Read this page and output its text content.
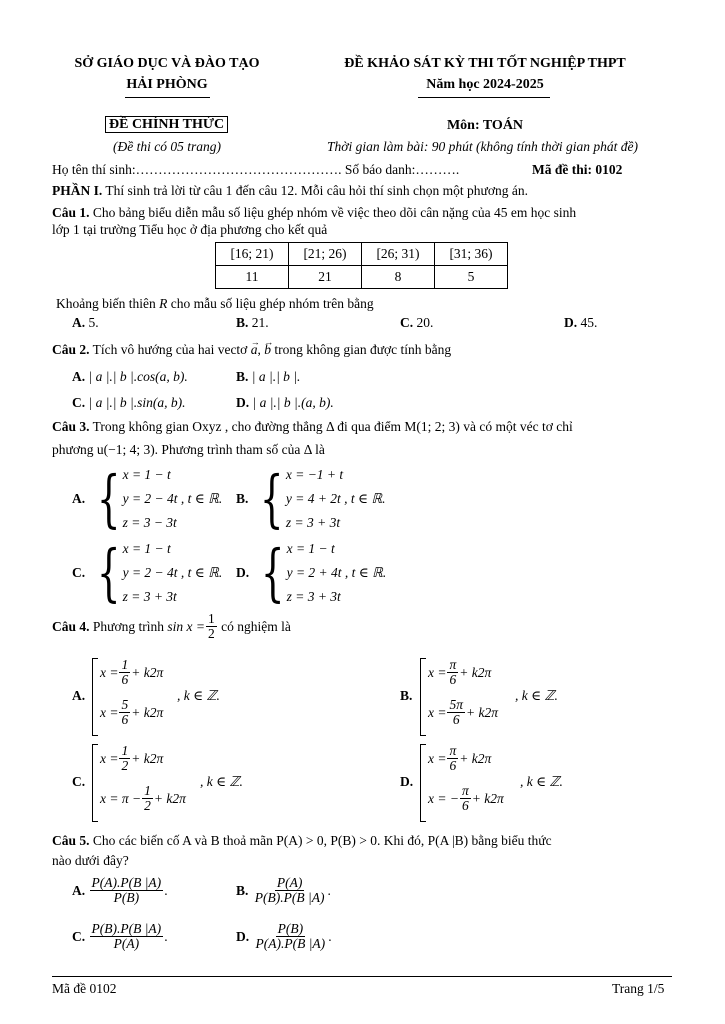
SỞ GIÁO DỤC VÀ ĐÀO TẠO
HẢI PHÒNG
ĐỀ KHẢO SÁT KỲ THI TỐT NGHIỆP THPT
Năm học 2024-2025
ĐỀ CHÍNH THỨC
(Đề thi có 05 trang)
Môn: TOÁN
Thời gian làm bài: 90 phút (không tính thời gian phát đề)
Họ tên thí sinh:………………………………………. Số báo danh:……….	Mã đề thi: 0102
PHẦN I. Thí sinh trả lời từ câu 1 đến câu 12. Mỗi câu hỏi thí sinh chọn một phương án.
Câu 1. Cho bảng biểu diễn mẫu số liệu ghép nhóm về việc theo dõi cân nặng của 45 em học sinh
lớp 1 tại trường Tiểu học ở địa phương cho kết quả
[16; 21)	[21; 26)	[26; 31)	[31; 36)
11	21	8	5
Khoảng biến thiên R cho mẫu số liệu ghép nhóm trên bằng
A. 5.	B. 21.	C. 20.	D. 45.
Câu 2. Tích vô hướng của hai vectơ → a, → b trong không gian được tính bằng
A. | a |.| b |.cos(a, b).	B. | a |.| b |.
C. | a |.| b |.sin(a, b).	D. | a |.| b |.(a, b).
Câu 3. Trong không gian Oxyz , cho đường thẳng Δ đi qua điểm M(1; 2; 3) và có một véc tơ chỉ
phương u(−1; 4; 3). Phương trình tham số của Δ là
A. { x = 1 − t
y = 2 − 4t , t ∈ ℝ.
z = 3 − 3t
B. { x = −1 + t
y = 4 + 2t , t ∈ ℝ.
z = 3 + 3t
C. { x = 1 − t
y = 2 − 4t , t ∈ ℝ.
z = 3 + 3t
D. { x = 1 − t
y = 2 + 4t , t ∈ ℝ.
z = 3 + 3t
Câu 4.
Phương trình
$\sin x = \frac{1}{2}$
có nghiệm là
A.
$x = \frac{1}{6} + k2\pi$
$x = \frac{5}{6} + k2\pi$
, k ∈ ℤ.	B.
$x = \frac{\pi}{6} + k2\pi$
$x = \frac{5\pi}{6} + k2\pi$
, k ∈ ℤ.
C.
$x = \frac{1}{2} + k2\pi$
$x = \pi - \frac{1}{2} + k2\pi$
, k ∈ ℤ.	D.
$x = \frac{\pi}{6} + k2\pi$
x = − $\frac{\pi}{6} + k2\pi$
, k ∈ ℤ.
Câu 5. Cho các biến cố A và B thoả mãn P(A) > 0, P(B) > 0. Khi đó, P(A |B) bằng biểu thức
nào dưới đây?
A.
$\frac{P(A).P(B |A)}{P(B)}$ .	B.
$\frac{P(A)}{P(B).P(B |A)}$ .
C.
$\frac{P(B).P(B |A)}{P(A)}$ .	D.
$\frac{P(B)}{P(A).P(B |A)}$ .
Mã đề 0102	Trang 1/5
